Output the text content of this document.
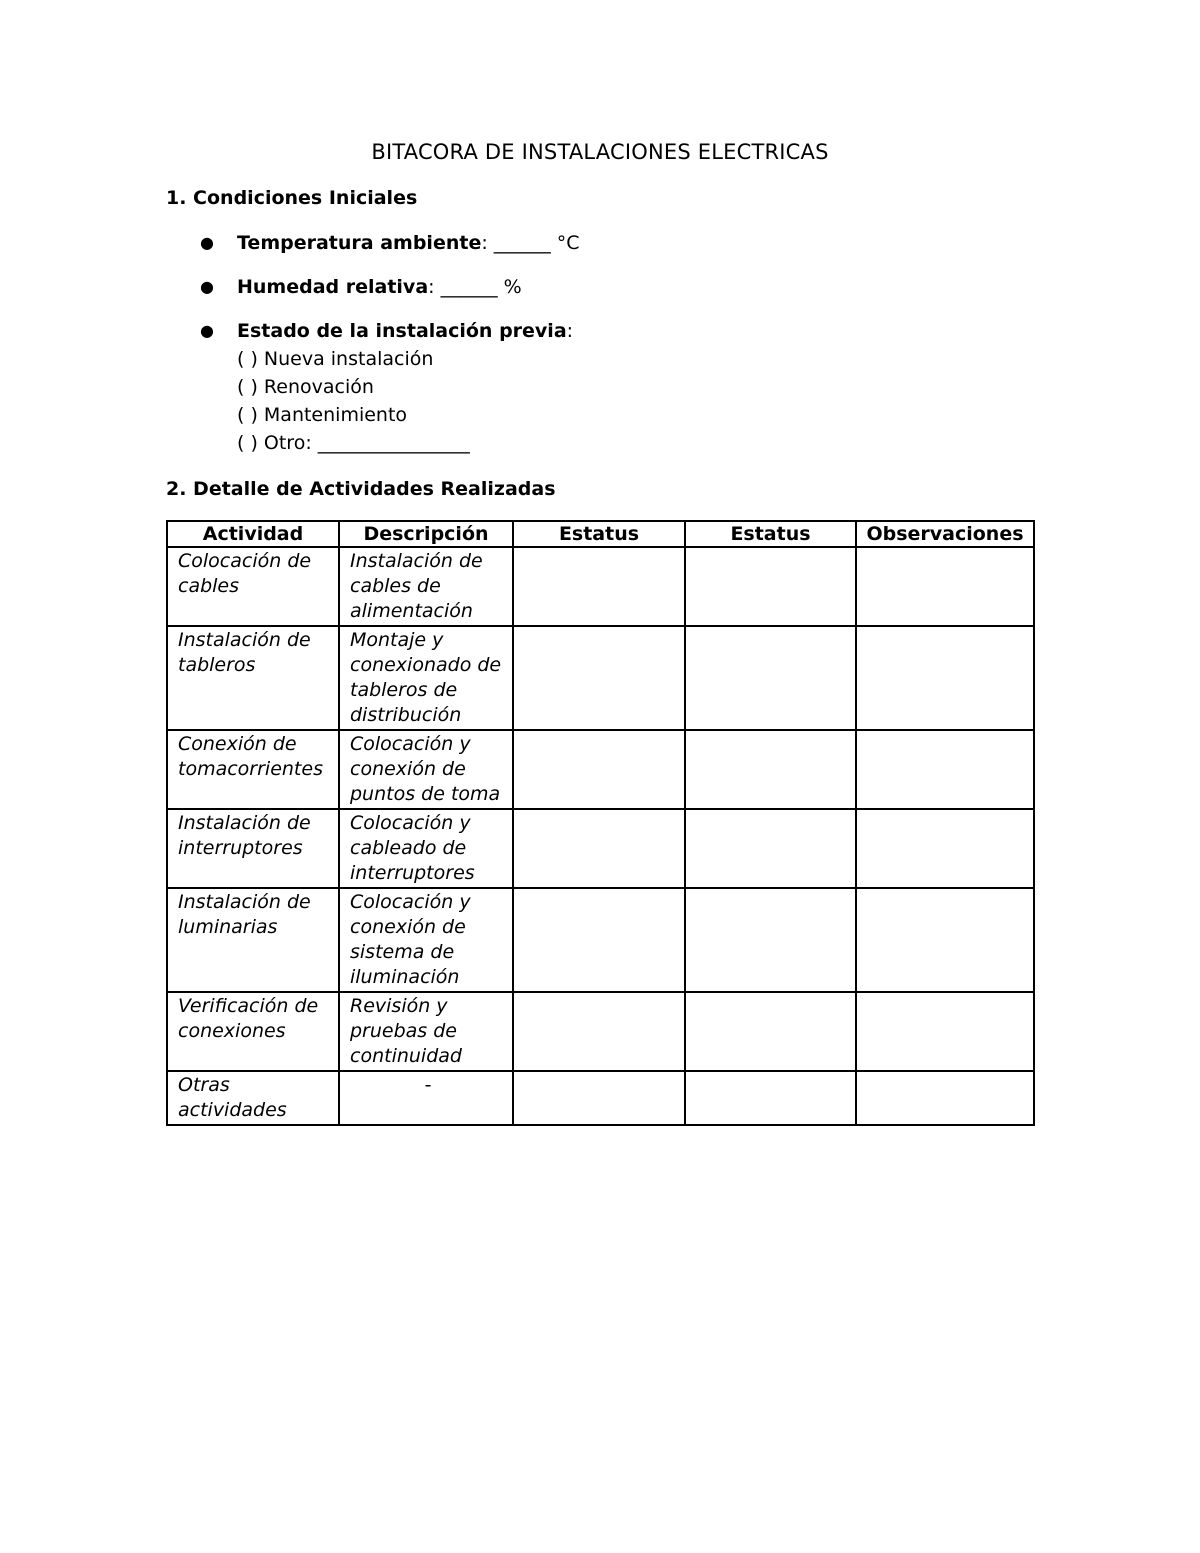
BITACORA DE INSTALACIONES ELECTRICAS
1. Condiciones Iniciales
● Temperatura ambiente: ______ °C
● Humedad relativa: ______ %
● Estado de la instalación previa:
( ) Nueva instalación
( ) Renovación
( ) Mantenimiento
( ) Otro: ________________
2. Detalle de Actividades Realizadas
Actividad	Descripción	Estatus	Estatus	Observaciones
Colocación de cables	Instalación de cables de alimentación			
Instalación de tableros	Montaje y conexionado de tableros de distribución			
Conexión de tomacorrientes	Colocación y conexión de puntos de toma			
Instalación de interruptores	Colocación y cableado de interruptores			
Instalación de luminarias	Colocación y conexión de sistema de iluminación			
Verificación de conexiones	Revisión y pruebas de continuidad			
Otras actividades	-			
